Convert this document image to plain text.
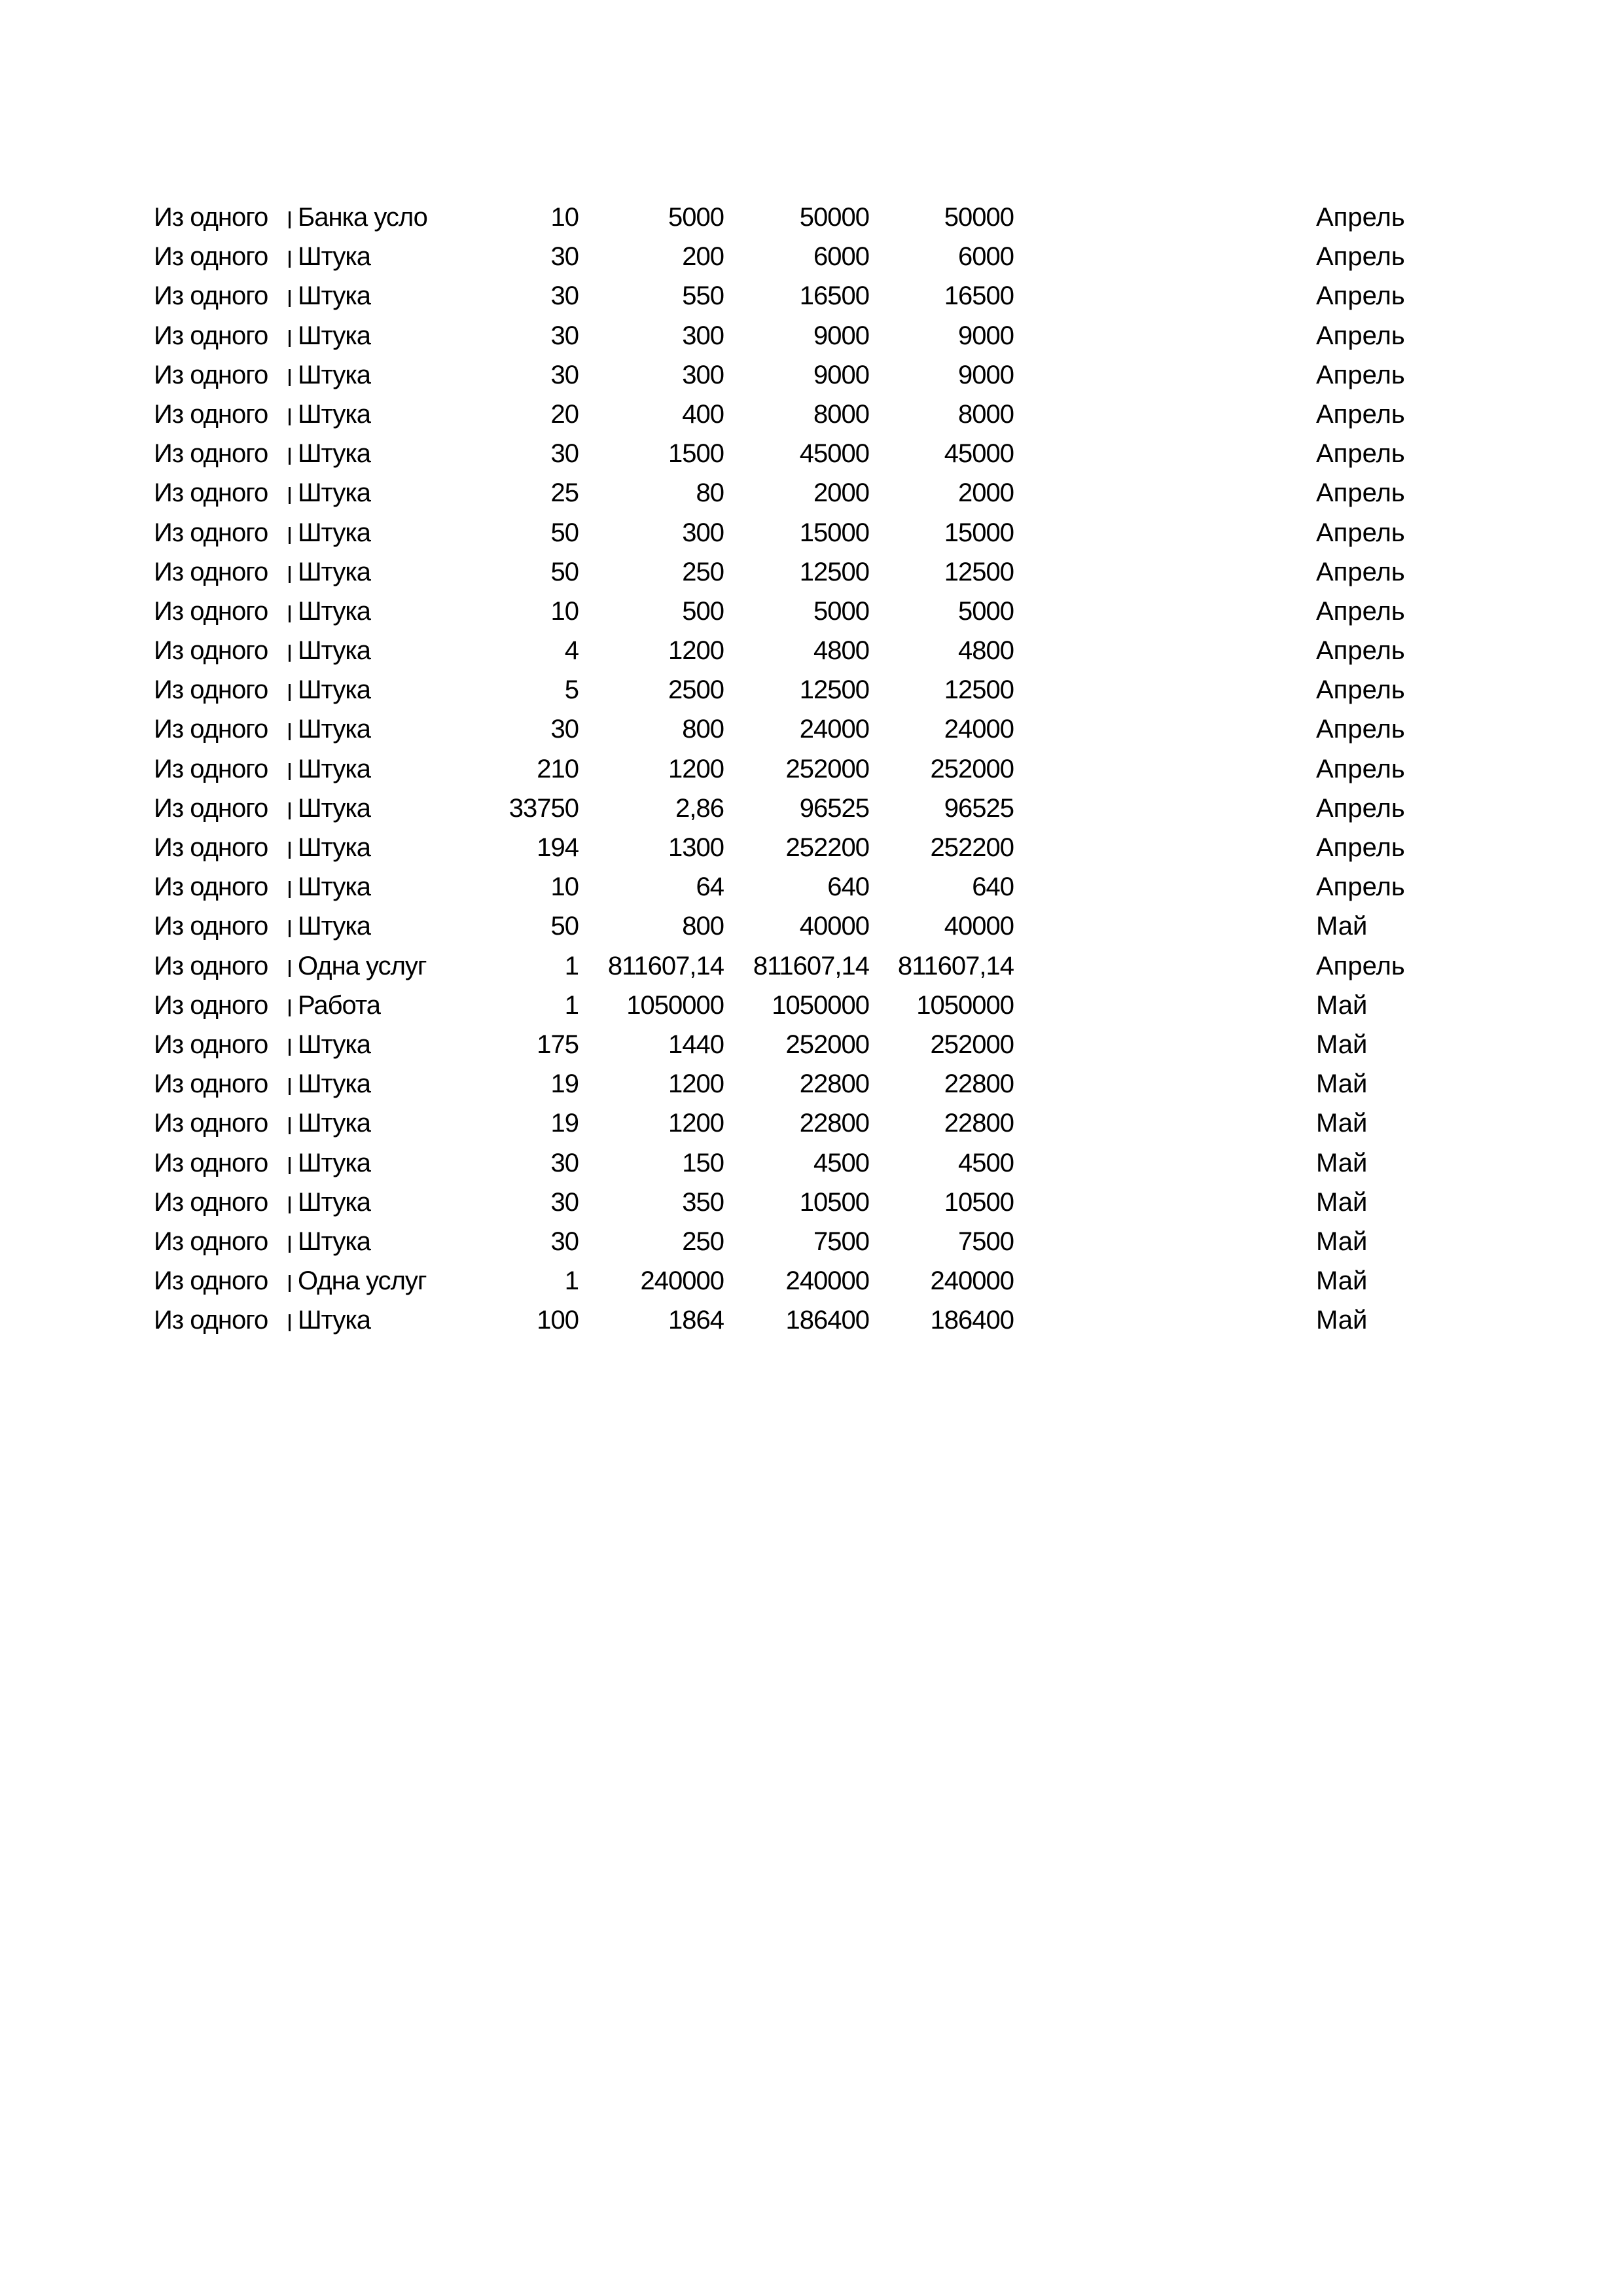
Из одного	Банка усло	10	5000	50000	50000	Апрель
Из одного	Штука	30	200	6000	6000	Апрель
Из одного	Штука	30	550	16500	16500	Апрель
Из одного	Штука	30	300	9000	9000	Апрель
Из одного	Штука	30	300	9000	9000	Апрель
Из одного	Штука	20	400	8000	8000	Апрель
Из одного	Штука	30	1500	45000	45000	Апрель
Из одного	Штука	25	80	2000	2000	Апрель
Из одного	Штука	50	300	15000	15000	Апрель
Из одного	Штука	50	250	12500	12500	Апрель
Из одного	Штука	10	500	5000	5000	Апрель
Из одного	Штука	4	1200	4800	4800	Апрель
Из одного	Штука	5	2500	12500	12500	Апрель
Из одного	Штука	30	800	24000	24000	Апрель
Из одного	Штука	210	1200	252000	252000	Апрель
Из одного	Штука	33750	2,86	96525	96525	Апрель
Из одного	Штука	194	1300	252200	252200	Апрель
Из одного	Штука	10	64	640	640	Апрель
Из одного	Штука	50	800	40000	40000	Май
Из одного	Одна услуг	1	811607,14	811607,14	811607,14	Апрель
Из одного	Работа	1	1050000	1050000	1050000	Май
Из одного	Штука	175	1440	252000	252000	Май
Из одного	Штука	19	1200	22800	22800	Май
Из одного	Штука	19	1200	22800	22800	Май
Из одного	Штука	30	150	4500	4500	Май
Из одного	Штука	30	350	10500	10500	Май
Из одного	Штука	30	250	7500	7500	Май
Из одного	Одна услуг	1	240000	240000	240000	Май
Из одного	Штука	100	1864	186400	186400	Май
